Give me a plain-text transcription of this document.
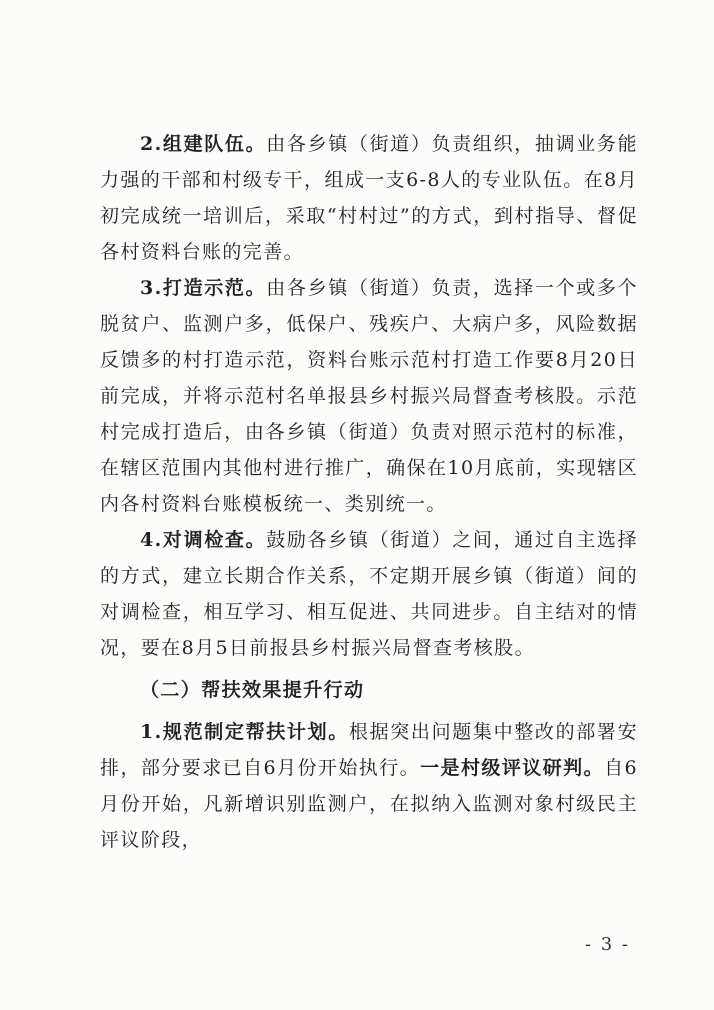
2.组建队伍。由各乡镇（街道）负责组织，抽调业务能力强的干部和村级专干，组成一支6-8人的专业队伍。在8月初完成统一培训后，采取“村村过”的方式，到村指导、督促各村资料台账的完善。

3.打造示范。由各乡镇（街道）负责，选择一个或多个脱贫户、监测户多，低保户、残疾户、大病户多，风险数据反馈多的村打造示范，资料台账示范村打造工作要8月20日前完成，并将示范村名单报县乡村振兴局督查考核股。示范村完成打造后，由各乡镇（街道）负责对照示范村的标准，在辖区范围内其他村进行推广，确保在10月底前，实现辖区内各村资料台账模板统一、类别统一。

4.对调检查。鼓励各乡镇（街道）之间，通过自主选择的方式，建立长期合作关系，不定期开展乡镇（街道）间的对调检查，相互学习、相互促进、共同进步。自主结对的情况，要在8月5日前报县乡村振兴局督查考核股。

（二）帮扶效果提升行动

1.规范制定帮扶计划。根据突出问题集中整改的部署安排，部分要求已自6月份开始执行。一是村级评议研判。自6月份开始，凡新增识别监测户，在拟纳入监测对象村级民主评议阶段，

- 3 -
